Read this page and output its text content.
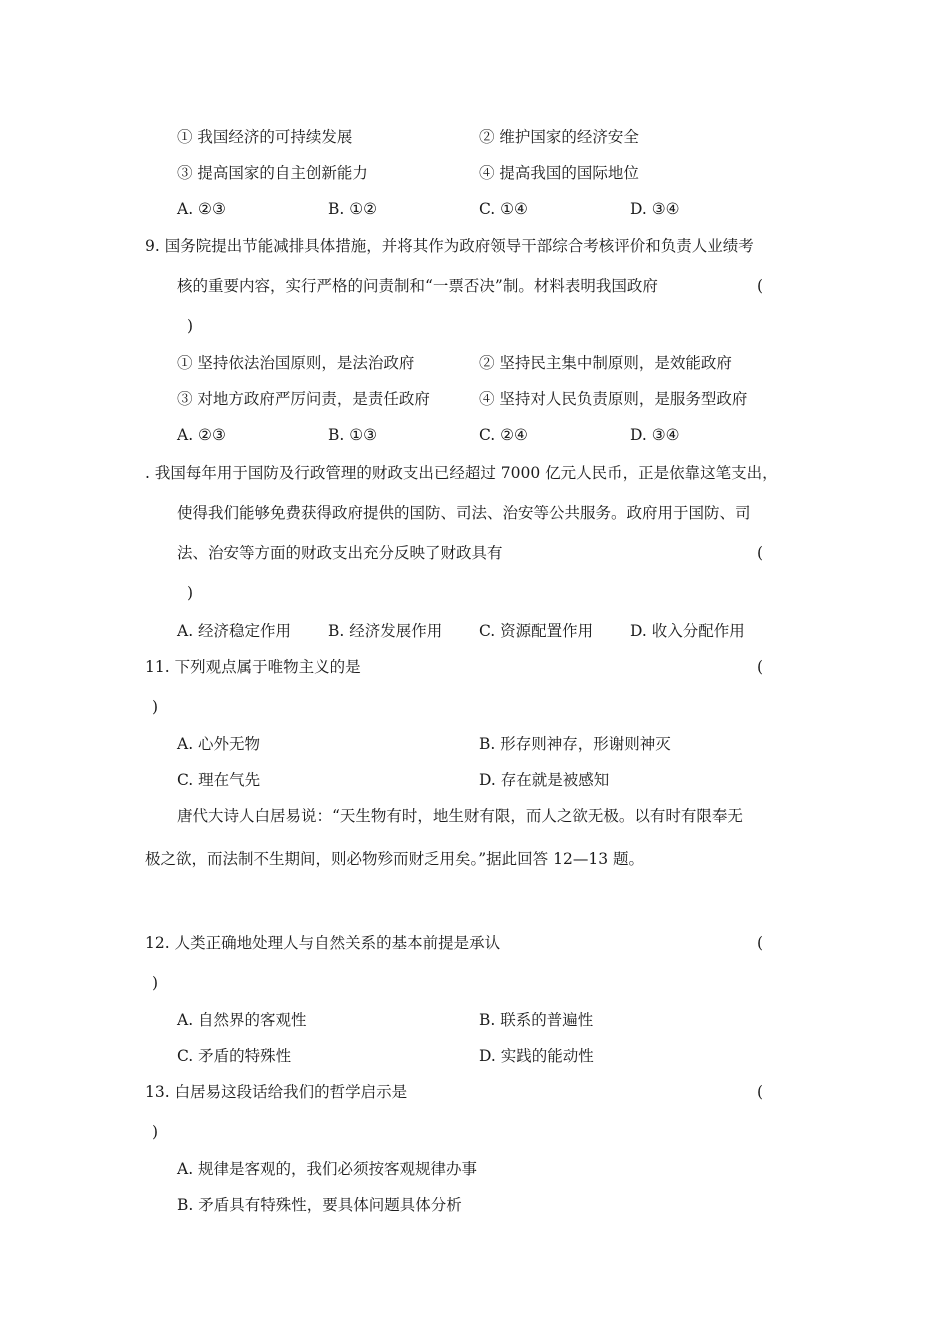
① 我国经济的可持续发展	② 维护国家的经济安全
③ 提高国家的自主创新能力	④ 提高我国的国际地位
A. ②③	B. ①②	C. ①④	D. ③④
9. 国务院提出节能减排具体措施，并将其作为政府领导干部综合考核评价和负责人业绩考
核的重要内容，实行严格的问责制和“一票否决”制。材料表明我国政府	(
)
① 坚持依法治国原则，是法治政府	② 坚持民主集中制原则，是效能政府
③ 对地方政府严厉问责，是责任政府	④ 坚持对人民负责原则，是服务型政府
A. ②③	B. ①③	C. ②④	D. ③④
. 我国每年用于国防及行政管理的财政支出已经超过 7000 亿元人民币，正是依靠这笔支出，
使得我们能够免费获得政府提供的国防、司法、治安等公共服务。政府用于国防、司
法、治安等方面的财政支出充分反映了财政具有	(
)
A. 经济稳定作用 B. 经济发展作用 C. 资源配置作用 D. 收入分配作用
11. 下列观点属于唯物主义的是	(
)
A. 心外无物	B. 形存则神存，形谢则神灭
C. 理在气先	D. 存在就是被感知
唐代大诗人白居易说：“天生物有时，地生财有限，而人之欲无极。以有时有限奉无
极之欲，而法制不生期间，则必物殄而财乏用矣。”据此回答 12—13 题。
12. 人类正确地处理人与自然关系的基本前提是承认	(
)
A. 自然界的客观性	B. 联系的普遍性
C. 矛盾的特殊性	D. 实践的能动性
13. 白居易这段话给我们的哲学启示是	(
)
A. 规律是客观的，我们必须按客观规律办事
B. 矛盾具有特殊性，要具体问题具体分析
